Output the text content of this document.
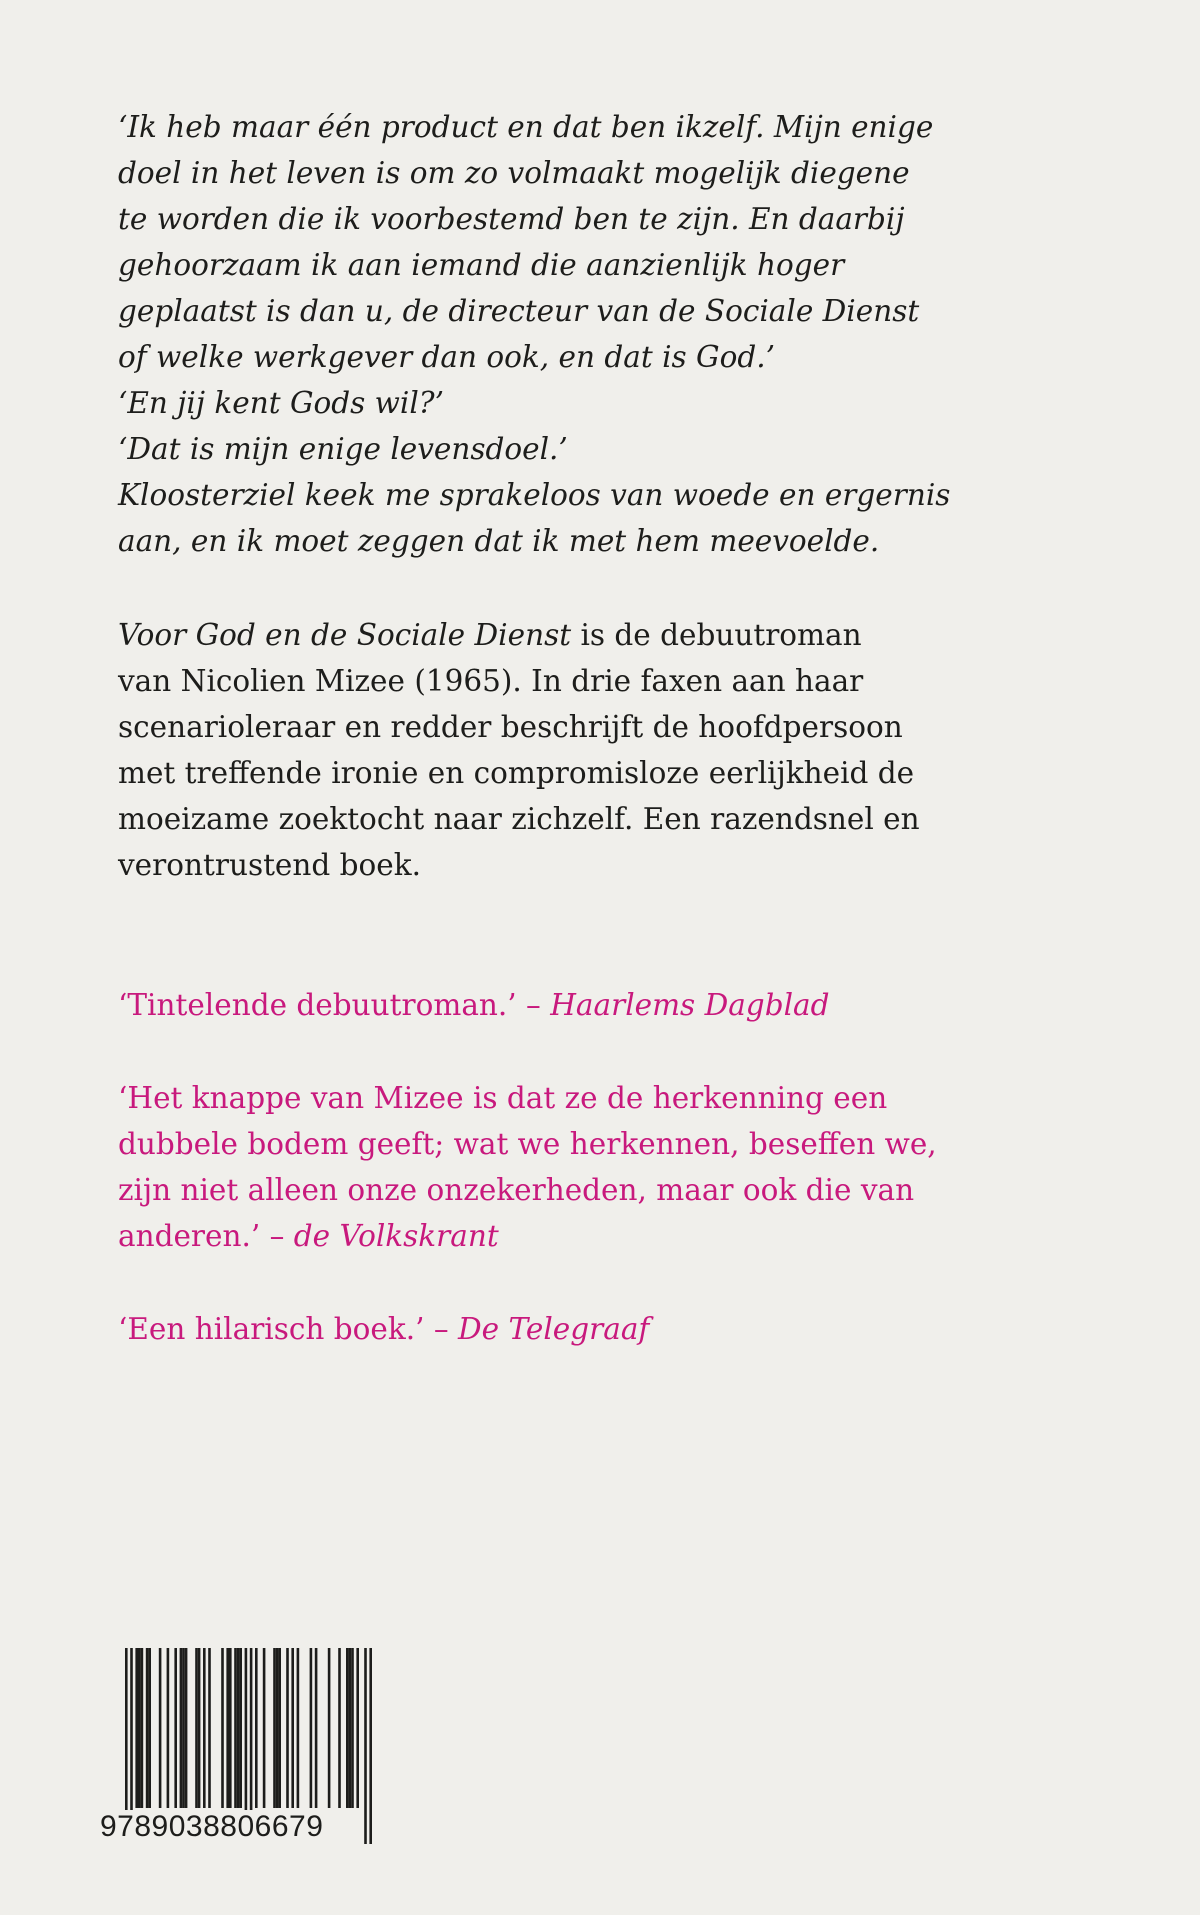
‘Ik heb maar één product en dat ben ikzelf. Mijn enige
doel in het leven is om zo volmaakt mogelijk diegene
te worden die ik voorbestemd ben te zijn. En daarbij
gehoorzaam ik aan iemand die aanzienlijk hoger
geplaatst is dan u, de directeur van de Sociale Dienst
of welke werkgever dan ook, en dat is God.’
‘En jij kent Gods wil?’
‘Dat is mijn enige levensdoel.’
Kloosterziel keek me sprakeloos van woede en ergernis
aan, en ik moet zeggen dat ik met hem meevoelde.

Voor God en de Sociale Dienst is de debuutroman
van Nicolien Mizee (1965). In drie faxen aan haar
scenarioleraar en redder beschrijft de hoofdpersoon
met treffende ironie en compromisloze eerlijkheid de
moeizame zoektocht naar zichzelf. Een razendsnel en
verontrustend boek.

‘Tintelende debuutroman.’ – Haarlems Dagblad

‘Het knappe van Mizee is dat ze de herkenning een
dubbele bodem geeft; wat we herkennen, beseffen we,
zijn niet alleen onze onzekerheden, maar ook die van
anderen.’ – de Volkskrant

‘Een hilarisch boek.’ – De Telegraaf

9789038806679
